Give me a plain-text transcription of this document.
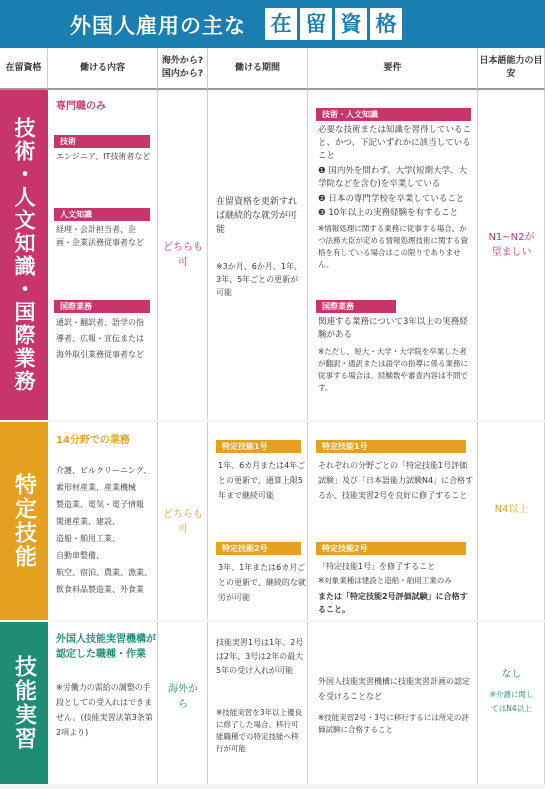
外国人雇用の主な 在 留 資 格
在留資格	働ける内容
海外から?国内から?
働ける期間	要件
日本語能力の目安
技術・人文知識・国際業務
専門職のみ
技術
エンジニア、IT技術者など
人文知識
経理・会計担当者、企画・企業法務従事者など
国際業務
通訳・翻訳者、語学の指導者、広報・宣伝または海外取引業務従事者など
どちらも可
在留資格を更新すれば継続的な就労が可能
※3か月、6か月、1年、3年、5年ごとの更新が可能
技術・人文知識
必要な技術または知識を習得していること、かつ、下記いずれかに該当していること
❶ 国内外を問わず、大学(短期大学、大学院などを含む)を卒業している
❷ 日本の専門学校を卒業していること
❸ 10年以上の実務経験を有すること
※情報処理に関する業務に従事する場合、かつ法務大臣が定める情報処理技術に関する資格を有している場合はこの限りでありません。
国際業務
関連する業務について3年以上の実務経験がある
※ただし、短大・大学・大学院を卒業した者が翻訳・通訳または語学の指導に係る業務に従事する場合は、経験数や審査内容は不問です。
N1~N2が望ましい
特定技能
14分野での業務
介護、ビルクリーニング、
素形材産業、産業機械
製造業、電気・電子情報
関連産業、建設、
造船・舶用工業、
自動車整備、
航空、宿泊、農業、漁業、
飲食料品製造業、外食業
どちらも可
特定技能1号
1年、6カ月または4年ごとの更新で、通算上限5年まで継続可能
特定技能2号
3年、1年または6カ月ごとの更新で、継続的な就労が可能
特定技能1号
それぞれの分野ごとの「特定技能1号評価試験」及び「日本語能力試験N4」に合格するか、技能実習2号を良好に修了すること
特定技能2号
「特定技能1号」を修了すること
※対象業種は建設と造船・舶用工業のみ
または「特定技能2号評価試験」に合格すること。
N4以上
技能実習
外国人技能実習機構が認定した職種・作業
※労働力の需給の調整の手段としての受入れはできません。(技能実習法第3条第2項より)
海外から
技能実習1号は1年、2号は2年、3号は2年の最大5年の受け入れが可能
※技能実習を3年以上優良に修了した場合、移行可能職種での特定技能へ移行が可能
外国人技能実習機構に技能実習計画の認定を受けることなど
※技能実習2号・3号に移行するには所定の評価試験に合格すること
なし
※介護に関してはN4以上
